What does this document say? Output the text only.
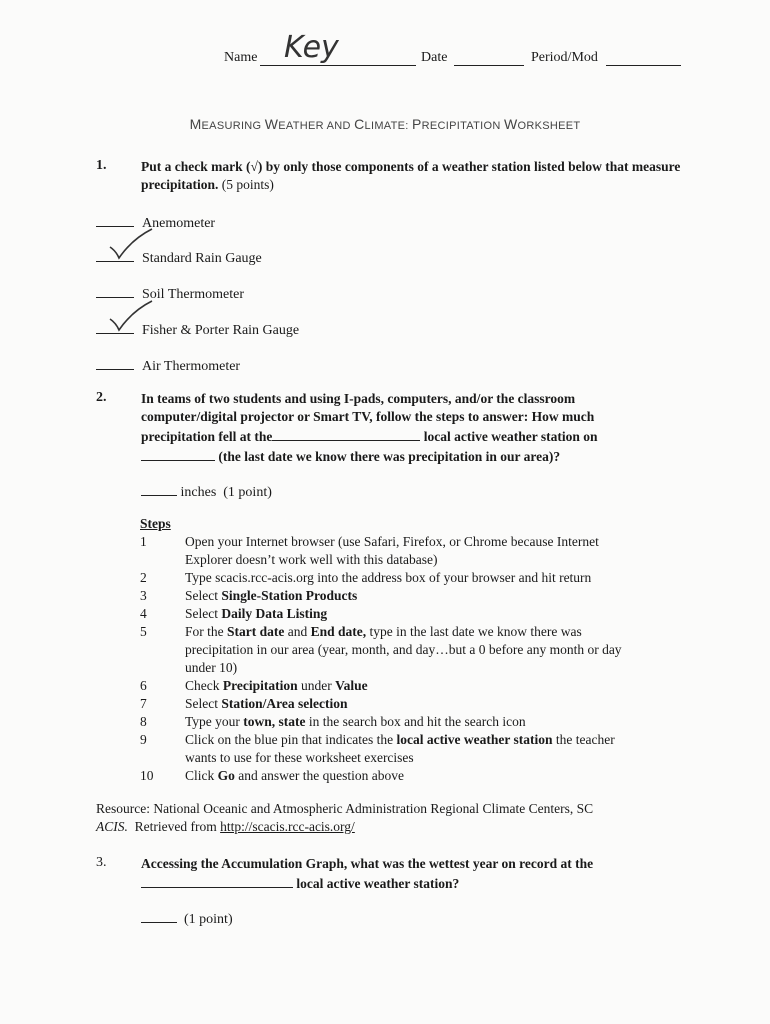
Name Key	Date	Period/Mod
MEASURING WEATHER AND CLIMATE: PRECIPITATION WORKSHEET
1.	Put a check mark (√) by only those components of a weather station listed below that measure precipitation. (5 points)
Anemometer
Standard Rain Gauge
Soil Thermometer
Fisher & Porter Rain Gauge
Air Thermometer
2.	In teams of two students and using I-pads, computers, and/or the classroom
computer/digital projector or Smart TV, follow the steps to answer: How much
precipitation fell at the	local active weather station on
(the last date we know there was precipitation in our area)?
inches (1 point)
Steps
1	Open your Internet browser (use Safari, Firefox, or Chrome because Internet
Explorer doesn’t work well with this database)
2	Type scacis.rcc-acis.org into the address box of your browser and hit return
3	Select Single-Station Products
4	Select Daily Data Listing
5	For the Start date and End date, type in the last date we know there was
precipitation in our area (year, month, and day…but a 0 before any month or day
under 10)
6	Check Precipitation under Value
7	Select Station/Area selection
8	Type your town, state in the search box and hit the search icon
9	Click on the blue pin that indicates the local active weather station the teacher
wants to use for these worksheet exercises
10	Click Go and answer the question above
Resource: National Oceanic and Atmospheric Administration Regional Climate Centers, SC
ACIS. Retrieved from http://scacis.rcc-acis.org/
3.	Accessing the Accumulation Graph, what was the wettest year on record at the
local active weather station?
(1 point)
